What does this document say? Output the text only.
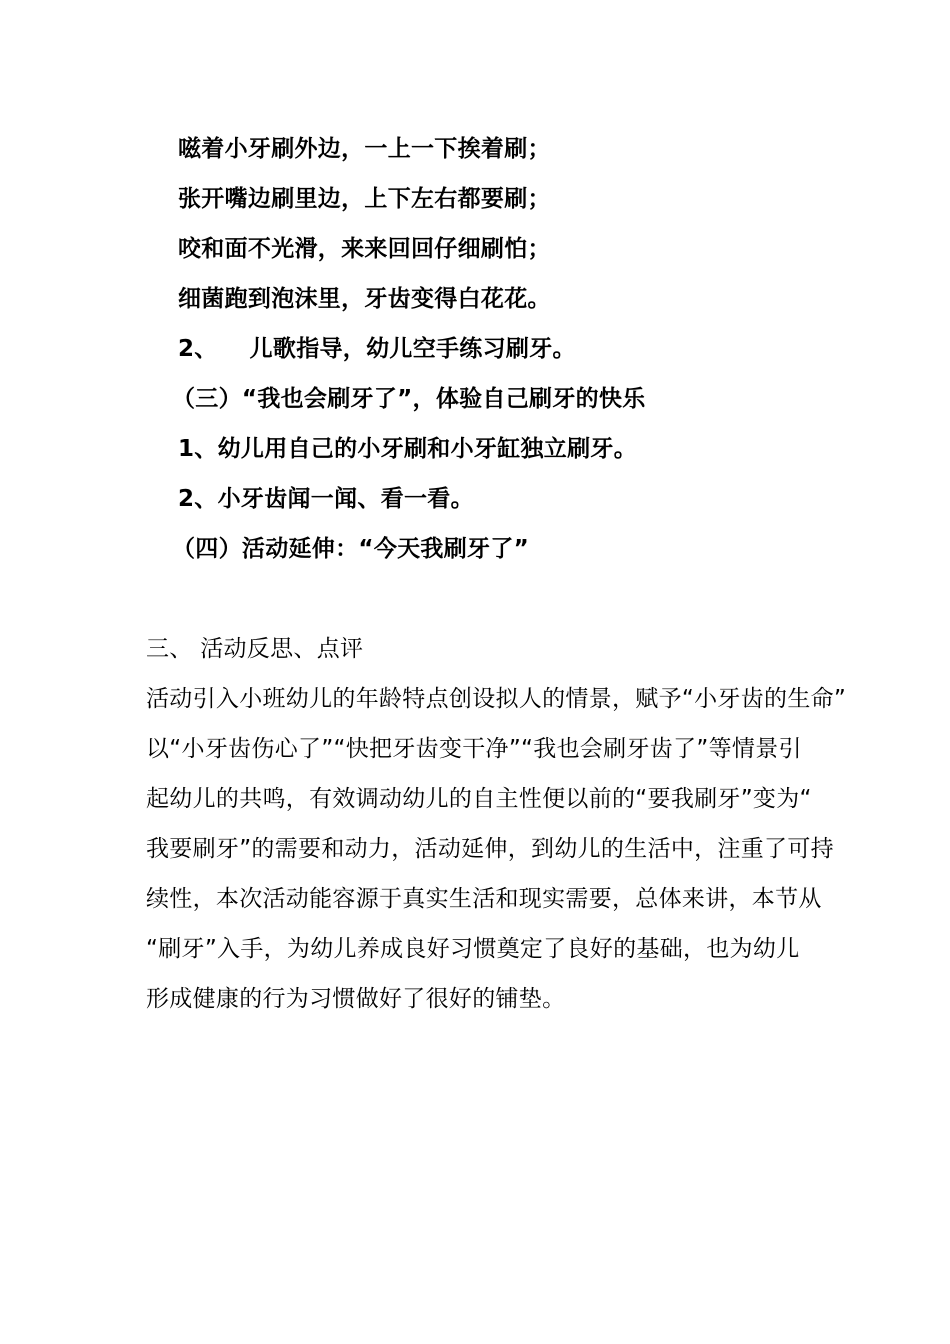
嗞着小牙刷外边，一上一下挨着刷；
张开嘴边刷里边，上下左右都要刷；
咬和面不光滑，来来回回仔细刷怕；
细菌跑到泡沫里，牙齿变得白花花。
2、 儿歌指导，幼儿空手练习刷牙。
（三）“我也会刷牙了”，体验自己刷牙的快乐
1、幼儿用自己的小牙刷和小牙缸独立刷牙。
2、小牙齿闻一闻、看一看。
（四）活动延伸：“今天我刷牙了”
三、 活动反思、点评
活动引入小班幼儿的年龄特点创设拟人的情景，赋予“小牙齿的生命”
以“小牙齿伤心了”“快把牙齿变干净”“我也会刷牙齿了”等情景引
起幼儿的共鸣，有效调动幼儿的自主性便以前的“要我刷牙”变为“
我要刷牙”的需要和动力，活动延伸，到幼儿的生活中，注重了可持
续性，本次活动能容源于真实生活和现实需要，总体来讲，本节从
“刷牙”入手，为幼儿养成良好习惯奠定了良好的基础，也为幼儿
形成健康的行为习惯做好了很好的铺垫。
